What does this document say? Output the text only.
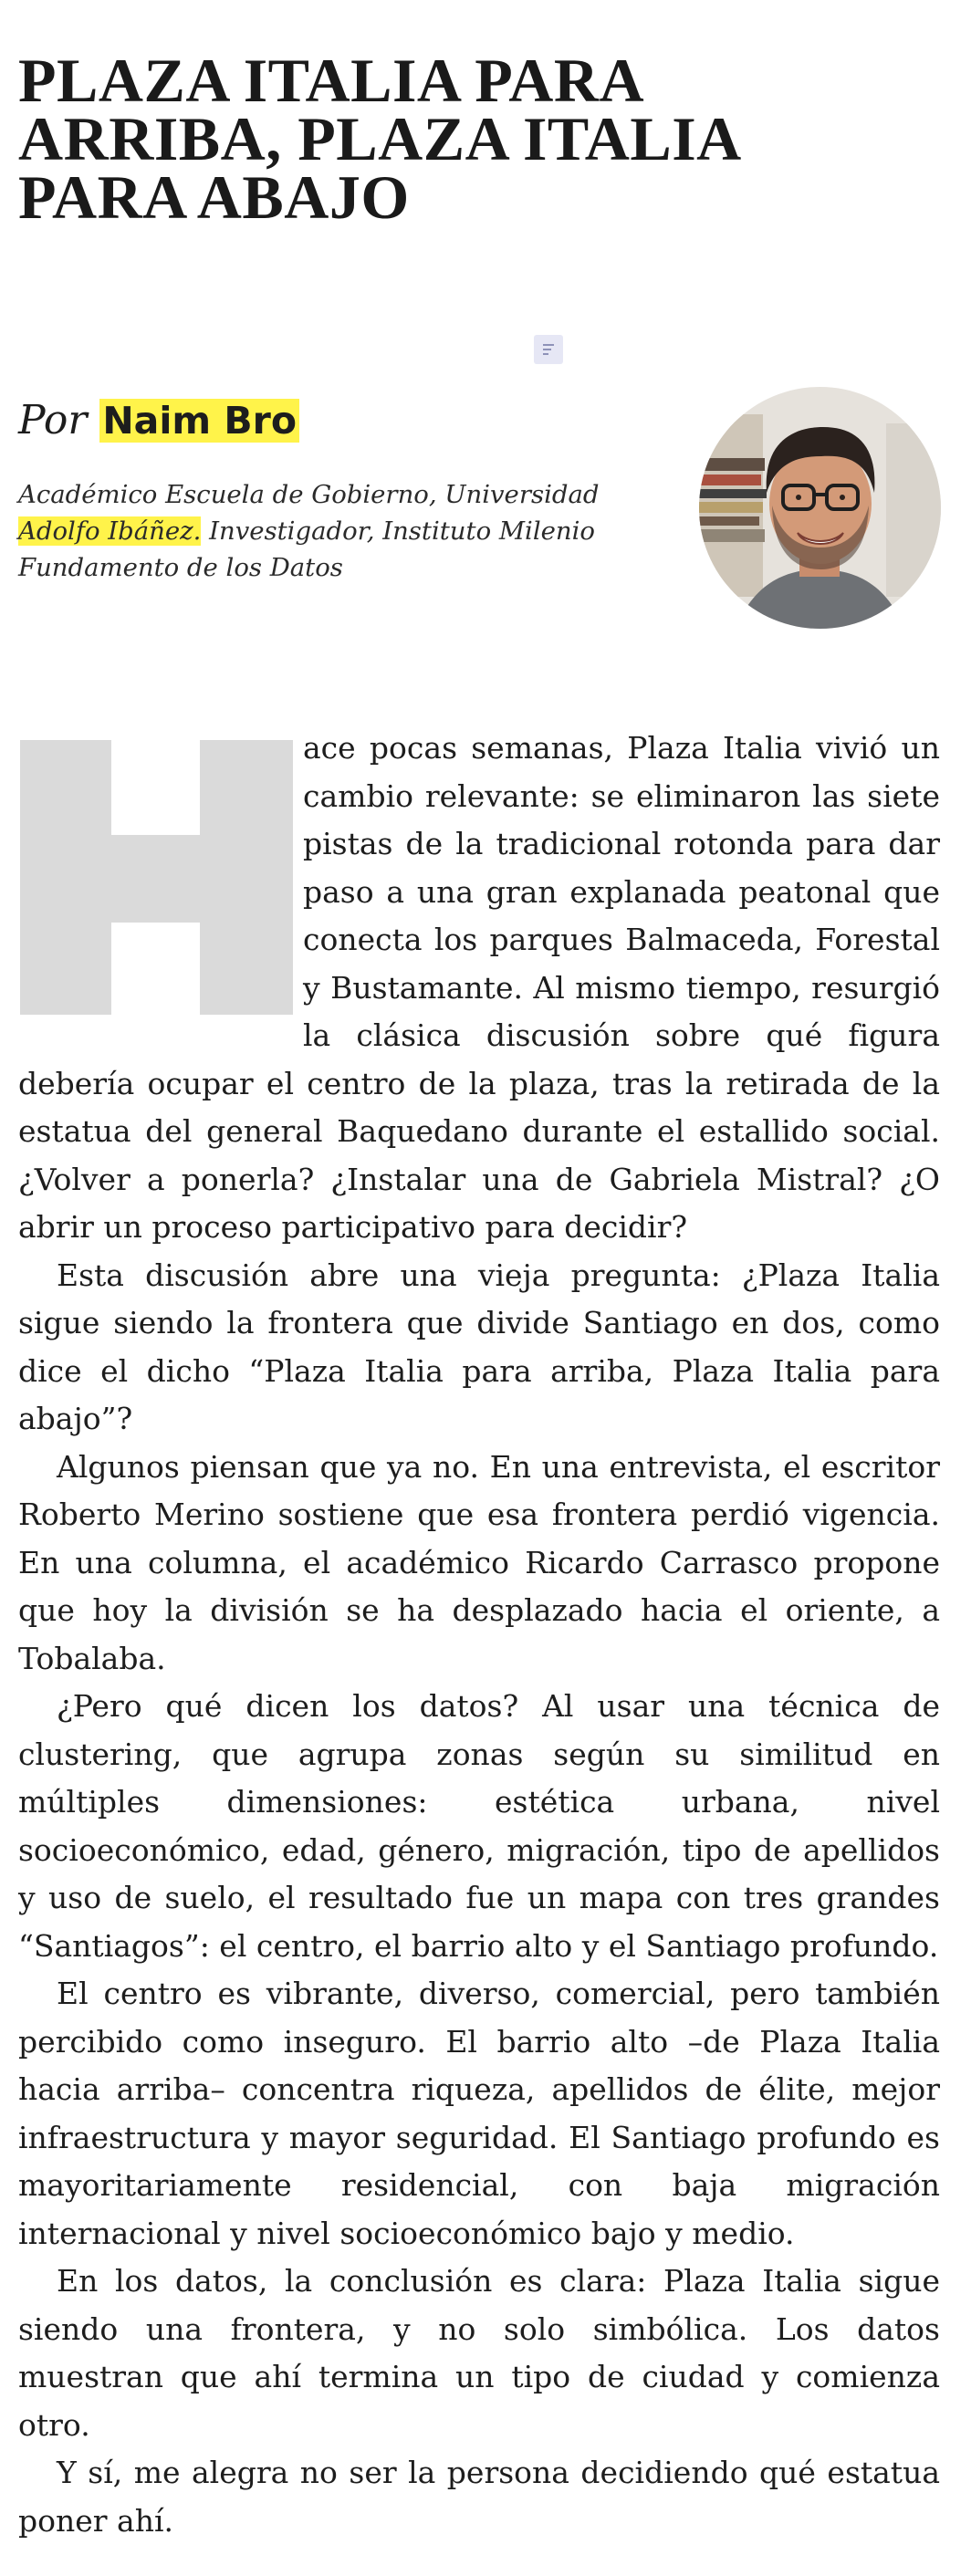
PLAZA ITALIA PARA ARRIBA, PLAZA ITALIA PARA ABAJO
Por Naim Bro

Académico Escuela de Gobierno, Universidad Adolfo Ibáñez. Investigador, Instituto Milenio Fundamento de los Datos

ace pocas semanas, Plaza Italia vivió un cambio relevante: se eliminaron las siete pistas de la tradicional rotonda para dar paso a una gran explanada peatonal que conecta los parques Balmaceda, Forestal y Bustamante. Al mismo tiempo, resurgió la clásica discusión sobre qué figura debería ocupar el centro de la plaza, tras la retirada de la estatua del general Baquedano durante el estallido social. ¿Volver a ponerla? ¿Instalar una de Gabriela Mistral? ¿O abrir un proceso participativo para decidir?

Esta discusión abre una vieja pregunta: ¿Plaza Italia sigue siendo la frontera que divide Santiago en dos, como dice el dicho “Plaza Italia para arriba, Plaza Italia para abajo”?

Algunos piensan que ya no. En una entrevista, el escritor Roberto Merino sostiene que esa frontera perdió vigencia. En una columna, el académico Ricardo Carrasco propone que hoy la división se ha desplazado hacia el oriente, a Tobalaba.

¿Pero qué dicen los datos? Al usar una técnica de clustering, que agrupa zonas según su similitud en múltiples dimensiones: estética urbana, nivel socioeconómico, edad, género, migración, tipo de apellidos y uso de suelo, el resultado fue un mapa con tres grandes “Santiagos”: el centro, el barrio alto y el Santiago profundo.

El centro es vibrante, diverso, comercial, pero también percibido como inseguro. El barrio alto –de Plaza Italia hacia arriba– concentra riqueza, apellidos de élite, mejor infraestructura y mayor seguridad. El Santiago profundo es mayoritariamente residencial, con baja migración internacional y nivel socioeconómico bajo y medio.

En los datos, la conclusión es clara: Plaza Italia sigue siendo una frontera, y no solo simbólica. Los datos muestran que ahí termina un tipo de ciudad y comienza otro.

Y sí, me alegra no ser la persona decidiendo qué estatua poner ahí.
